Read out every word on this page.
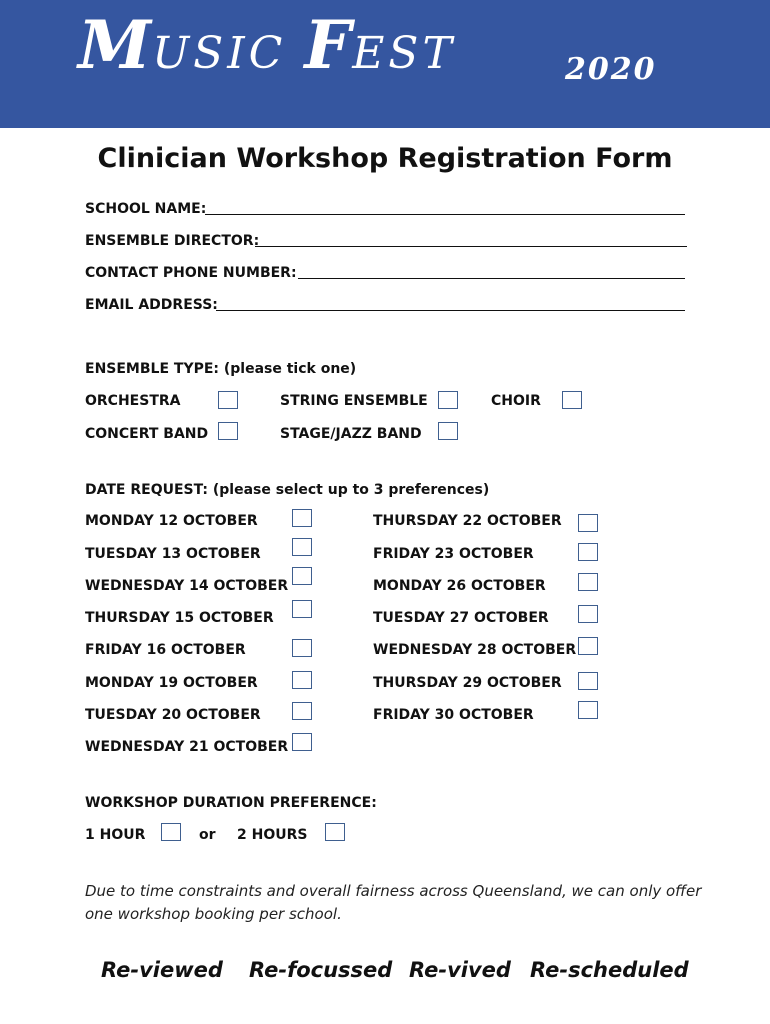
MUSIC FEST	2020
Clinician Workshop Registration Form
SCHOOL NAME:
ENSEMBLE DIRECTOR:
CONTACT PHONE NUMBER:
EMAIL ADDRESS:
ENSEMBLE TYPE: (please tick one)
ORCHESTRA	STRING ENSEMBLE	CHOIR
CONCERT BAND	STAGE/JAZZ BAND
DATE REQUEST: (please select up to 3 preferences)
MONDAY 12 OCTOBER
TUESDAY 13 OCTOBER
WEDNESDAY 14 OCTOBER
THURSDAY 15 OCTOBER
FRIDAY 16 OCTOBER
MONDAY 19 OCTOBER
TUESDAY 20 OCTOBER
WEDNESDAY 21 OCTOBER
THURSDAY 22 OCTOBER
FRIDAY 23 OCTOBER
MONDAY 26 OCTOBER
TUESDAY 27 OCTOBER
WEDNESDAY 28 OCTOBER
THURSDAY 29 OCTOBER
FRIDAY 30 OCTOBER
WORKSHOP DURATION PREFERENCE:
1 HOUR	or 2 HOURS
Due to time constraints and overall fairness across Queensland, we can only offer one workshop booking per school.
Re-viewed Re-focussed Re-vived Re-scheduled
